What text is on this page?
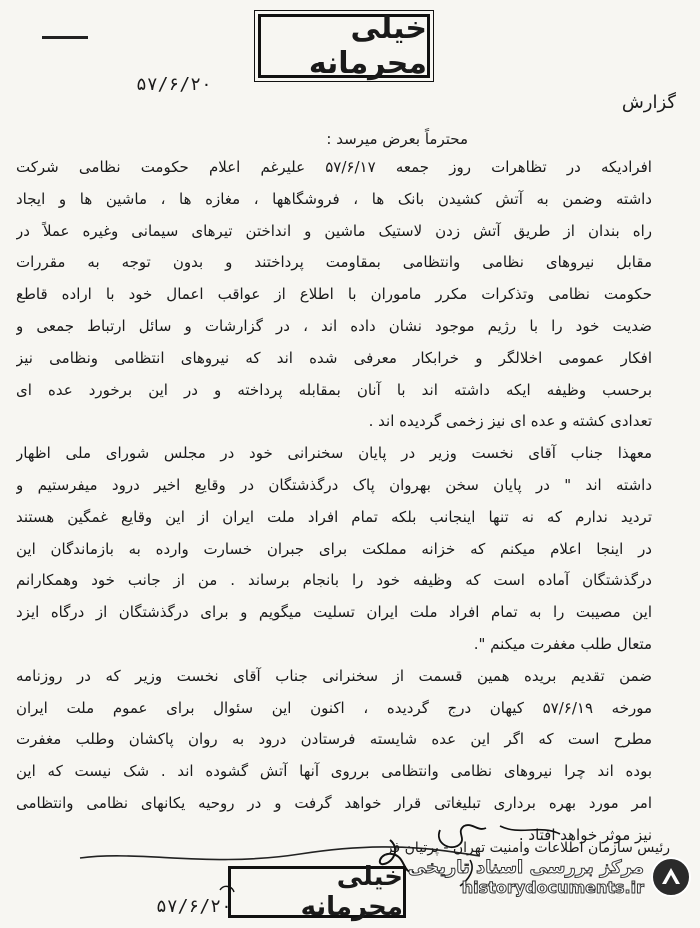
خیلی محرمانه
۵۷/۶/۲۰
گزارش
محترماً بعرض میرسد :
افرادیکه در تظاهرات روز جمعه ۵۷/۶/۱۷ علیرغم اعلام حکومت نظامی شرکت
داشته وضمن به آتش کشیدن بانک ها ، فروشگاهها ، مغازه ها ، ماشین ها و ایجاد
راه بندان از طریق آتش زدن لاستیک ماشین و انداختن تیرهای سیمانی وغیره عملاً در
مقابل نیروهای نظامی وانتظامی بمقاومت پرداختند و بدون توجه به مقررات
حکومت نظامی وتذکرات مکرر ماموران با اطلاع از عواقب اعمال خود با اراده قاطع
ضدیت خود را با رژیم موجود نشان داده اند ، در گزارشات و سائل ارتباط جمعی و
افکار عمومی اخلالگر و خرابکار معرفی شده اند که نیروهای انتظامی ونظامی نیز
برحسب وظیفه ایکه داشته اند با آنان بمقابله پرداخته و در این برخورد عده ای
تعدادی کشته و عده ای نیز زخمی گردیده اند .
معهذا جناب آقای نخست وزیر در پایان سخنرانی خود در مجلس شورای ملی اظهار
داشته اند " در پایان سخن بهروان پاک درگذشتگان در وقایع اخیر درود میفرستیم و
تردید ندارم که نه تنها اینجانب بلکه تمام افراد ملت ایران از این وقایع غمگین هستند
در اینجا اعلام میکنم که خزانه مملکت برای جبران خسارت وارده به بازماندگان این
درگذشتگان آماده است که وظیفه خود را بانجام برساند . من از جانب خود وهمکارانم
این مصیبت را به تمام افراد ملت ایران تسلیت میگویم و برای درگذشتگان از درگاه ایزد
متعال طلب مغفرت میکنم ".
ضمن تقدیم بریده همین قسمت از سخنرانی جناب آقای نخست وزیر که در روزنامه
مورخه ۵۷/۶/۱۹ کیهان درج گردیده ، اکنون این سئوال برای عموم ملت ایران
مطرح است که اگر این عده شایسته فرستادن درود به روان پاکشان وطلب مغفرت
بوده اند چرا نیروهای نظامی وانتظامی برروی آنها آتش گشوده اند . شک نیست که این
امر مورد بهره برداری تبلیغاتی قرار خواهد گرفت و در روحیه یکانهای نظامی وانتظامی
نیز موثر خواهد افتاد .
رئیس سازمان اطلاعات وامنیت تهران - پرتیان فر
خیلی محرمانه
۵۷/۶/۲۰
مرکز بررسی اسناد تاریخی
historydocuments.ir
